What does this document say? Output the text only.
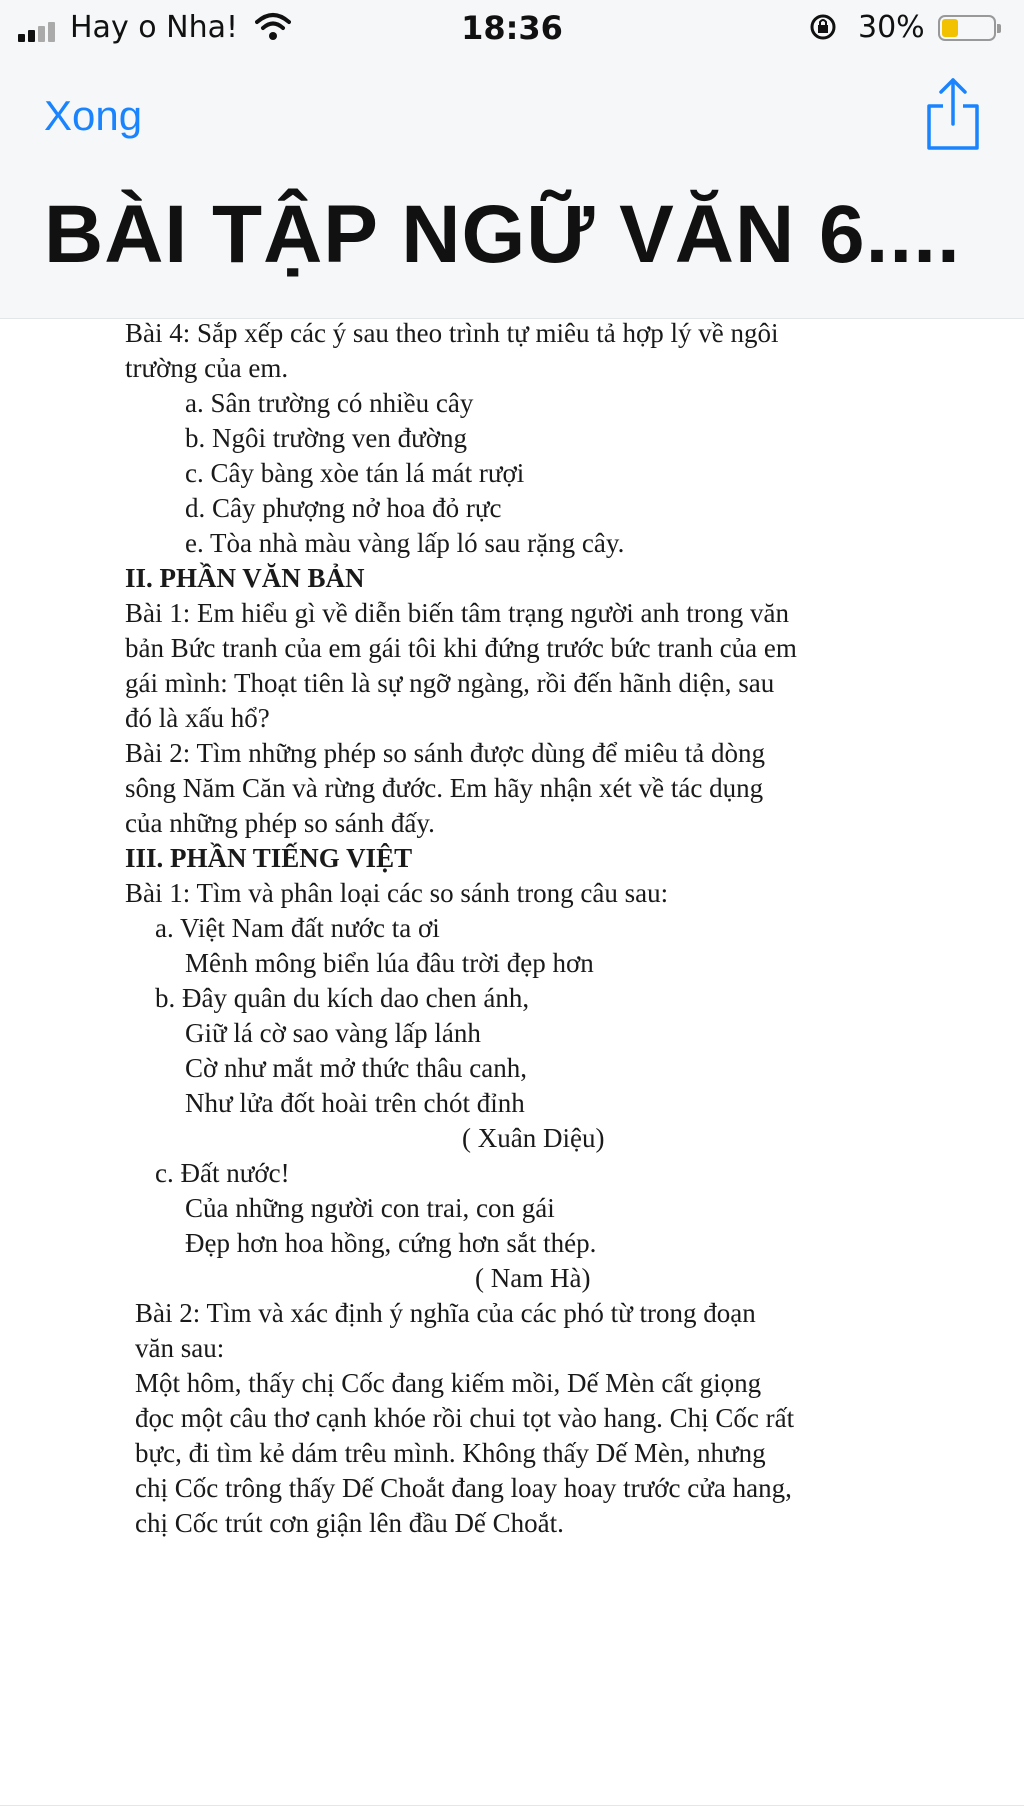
Hay o Nha!	18:36	30%
Xong
BÀI TẬP NGỮ VĂN 6....
Bài 4: Sắp xếp các ý sau theo trình tự miêu tả hợp lý về ngôi
trường của em.
a. Sân trường có nhiều cây
b. Ngôi trường ven đường
c. Cây bàng xòe tán lá mát rượi
d. Cây phượng nở hoa đỏ rực
e. Tòa nhà màu vàng lấp ló sau rặng cây.
II. PHẦN VĂN BẢN
Bài 1: Em hiểu gì về diễn biến tâm trạng người anh trong văn
bản Bức tranh của em gái tôi khi đứng trước bức tranh của em
gái mình: Thoạt tiên là sự ngỡ ngàng, rồi đến hãnh diện, sau
đó là xấu hổ?
Bài 2: Tìm những phép so sánh được dùng để miêu tả dòng
sông Năm Căn và rừng đước. Em hãy nhận xét về tác dụng
của những phép so sánh đấy.
III. PHẦN TIẾNG VIỆT
Bài 1: Tìm và phân loại các so sánh trong câu sau:
a. Việt Nam đất nước ta ơi
Mênh mông biển lúa đâu trời đẹp hơn
b. Đây quân du kích dao chen ánh,
Giữ lá cờ sao vàng lấp lánh
Cờ như mắt mở thức thâu canh,
Như lửa đốt hoài trên chót đỉnh
( Xuân Diệu)
c. Đất nước!
Của những người con trai, con gái
Đẹp hơn hoa hồng, cứng hơn sắt thép.
( Nam Hà)
Bài 2: Tìm và xác định ý nghĩa của các phó từ trong đoạn
văn sau:
Một hôm, thấy chị Cốc đang kiếm mồi, Dế Mèn cất giọng
đọc một câu thơ cạnh khóe rồi chui tọt vào hang. Chị Cốc rất
bực, đi tìm kẻ dám trêu mình. Không thấy Dế Mèn, nhưng
chị Cốc trông thấy Dế Choắt đang loay hoay trước cửa hang,
chị Cốc trút cơn giận lên đầu Dế Choắt.
